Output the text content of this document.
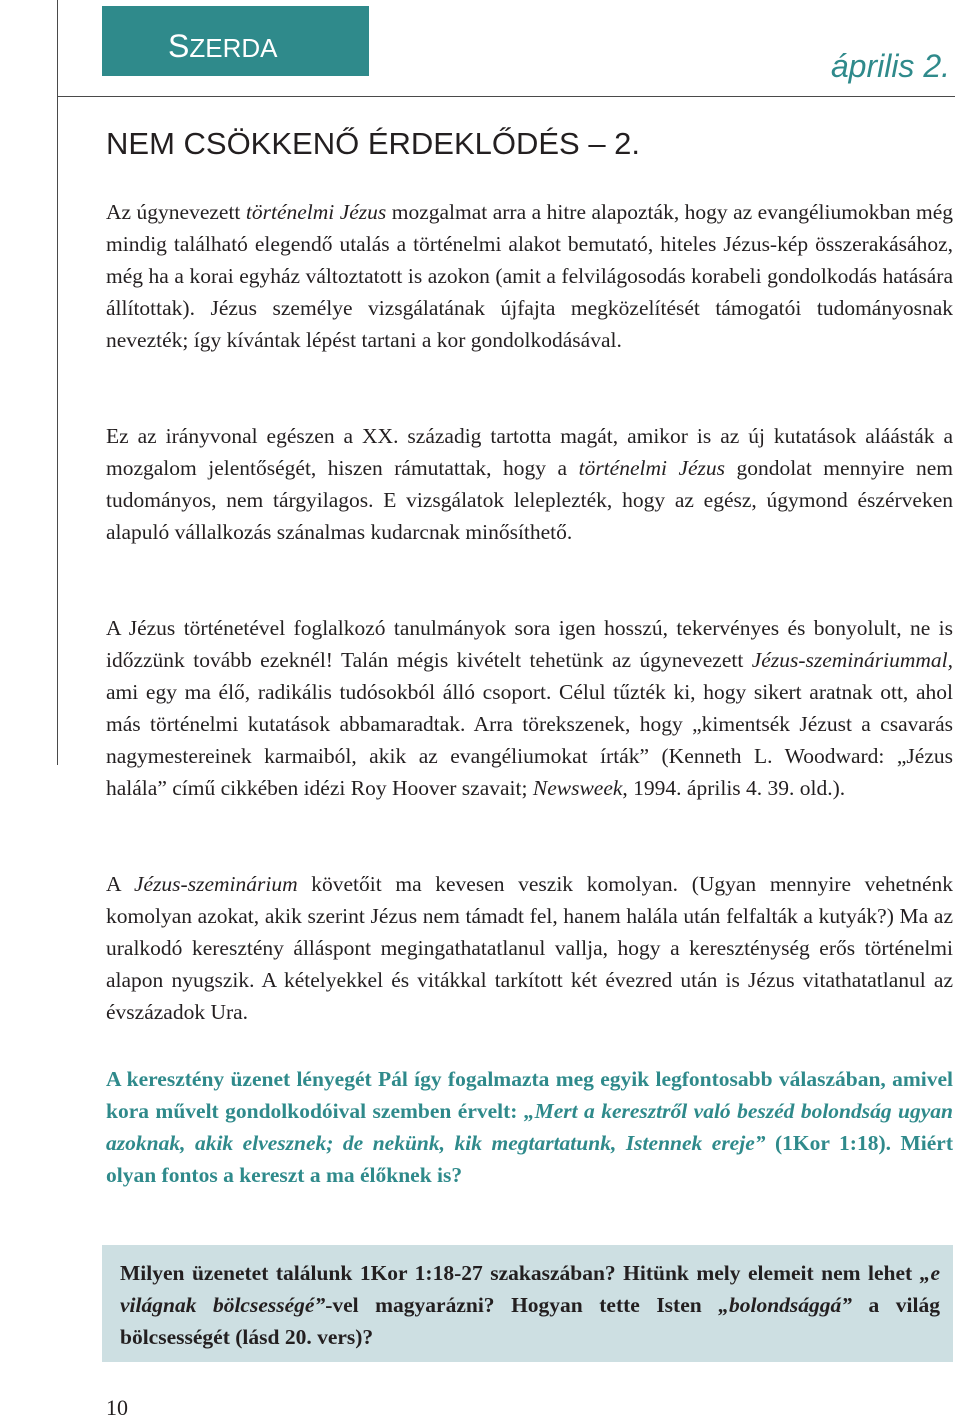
SZERDA	április 2.
NEM CSÖKKENŐ ÉRDEKLŐDÉS – 2.

Az úgynevezett történelmi Jézus mozgalmat arra a hitre alapozták, hogy az evangéliumokban még mindig található elegendő utalás a történelmi alakot bemutató, hiteles Jézus-kép összerakásához, még ha a korai egyház változtatott is azokon (amit a felvilágosodás korabeli gondolkodás hatására állítottak). Jézus személye vizsgálatának újfajta megközelítését támogatói tudományosnak nevezték; így kívántak lépést tartani a kor gondolkodásával.

Ez az irányvonal egészen a XX. századig tartotta magát, amikor is az új kutatások aláásták a mozgalom jelentőségét, hiszen rámutattak, hogy a történelmi Jézus gondolat mennyire nem tudományos, nem tárgyilagos. E vizsgálatok leleplezték, hogy az egész, úgymond észérveken alapuló vállalkozás szánalmas kudarcnak minősíthető.

A Jézus történetével foglalkozó tanulmányok sora igen hosszú, tekervényes és bonyolult, ne is időzzünk tovább ezeknél! Talán mégis kivételt tehetünk az úgynevezett Jézus-szemináriummal, ami egy ma élő, radikális tudósokból álló csoport. Célul tűzték ki, hogy sikert aratnak ott, ahol más történelmi kutatások abbamaradtak. Arra törekszenek, hogy „kimentsék Jézust a csavarás nagymestereinek karmaiból, akik az evangéliumokat írták” (Kenneth L. Woodward: „Jézus halála” című cikkében idézi Roy Hoover szavait; Newsweek, 1994. április 4. 39. old.).

A Jézus-szeminárium követőit ma kevesen veszik komolyan. (Ugyan mennyire vehetnénk komolyan azokat, akik szerint Jézus nem támadt fel, hanem halála után felfalták a kutyák?) Ma az uralkodó keresztény álláspont megingathatatlanul vallja, hogy a kereszténység erős történelmi alapon nyugszik. A kételyekkel és vitákkal tarkított két évezred után is Jézus vitathatatlanul az évszázadok Ura.

A keresztény üzenet lényegét Pál így fogalmazta meg egyik legfontosabb válaszában, amivel kora művelt gondolkodóival szemben érvelt: „Mert a keresztről való beszéd bolondság ugyan azoknak, akik elvesznek; de nekünk, kik megtartatunk, Istennek ereje” (1Kor 1:18). Miért olyan fontos a kereszt a ma élőknek is?

Milyen üzenetet találunk 1Kor 1:18-27 szakaszában? Hitünk mely elemeit nem lehet „e világnak bölcsességé”-vel magyarázni? Hogyan tette Isten „bolondsággá” a világ bölcsességét (lásd 20. vers)?

10
